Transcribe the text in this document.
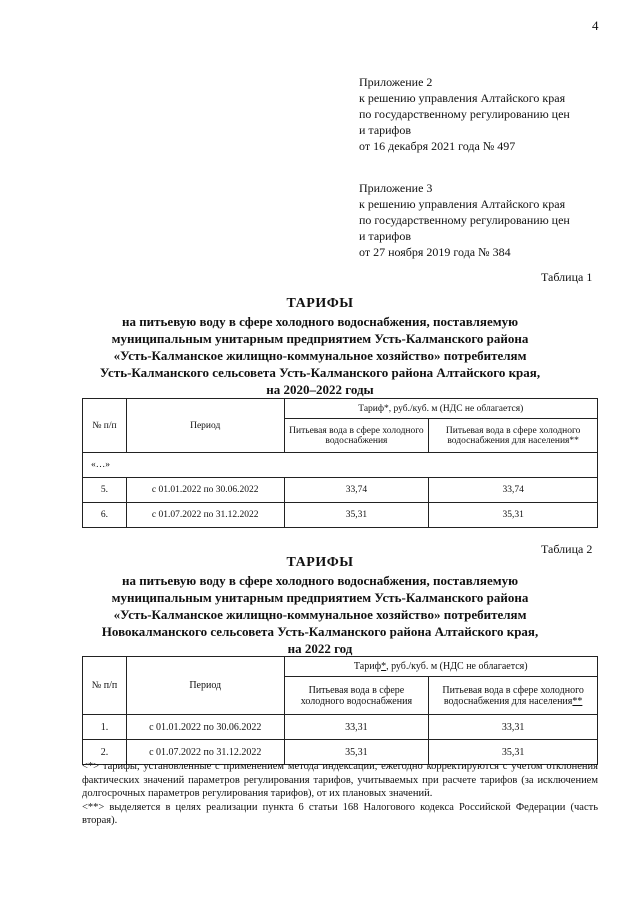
4
Приложение 2
к решению управления Алтайского края
по государственному регулированию цен
и тарифов
от 16 декабря 2021 года № 497
Приложение 3
к решению управления Алтайского края
по государственному регулированию цен
и тарифов
от 27 ноября 2019 года № 384
Таблица 1
ТАРИФЫ
на питьевую воду в сфере холодного водоснабжения, поставляемую
муниципальным унитарным предприятием Усть-Калманского района
«Усть-Калманское жилищно-коммунальное хозяйство» потребителям
Усть-Калманского сельсовета Усть-Калманского района Алтайского края,
на 2020–2022 годы
№ п/п	Период	Тариф*, руб./куб. м (НДС не облагается)	
		Питьевая вода в сфере холодного водоснабжения	Питьевая вода в сфере холодного водоснабжения для населения**
«…»			
5.	с 01.01.2022 по 30.06.2022	33,74	33,74
6.	с 01.07.2022 по 31.12.2022	35,31	35,31
Таблица 2
ТАРИФЫ
на питьевую воду в сфере холодного водоснабжения, поставляемую
муниципальным унитарным предприятием Усть-Калманского района
«Усть-Калманское жилищно-коммунальное хозяйство» потребителям
Новокалманского сельсовета Усть-Калманского района Алтайского края,
на 2022 год
№ п/п	Период	Тариф*, руб./куб. м (НДС не облагается)	
		Питьевая вода в сфере холодного водоснабжения	Питьевая вода в сфере холодного водоснабжения для населения**
1.	с 01.01.2022 по 30.06.2022	33,31	33,31
2.	с 01.07.2022 по 31.12.2022	35,31	35,31

<*> тарифы, установленные с применением метода индексации, ежегодно корректируются с учетом отклонения фактических значений параметров регулирования тарифов, учитываемых при расчете тарифов (за исключением долгосрочных параметров регулирования тарифов), от их плановых значений.

<**> выделяется в целях реализации пункта 6 статьи 168 Налогового кодекса Российской Федерации (часть вторая).
